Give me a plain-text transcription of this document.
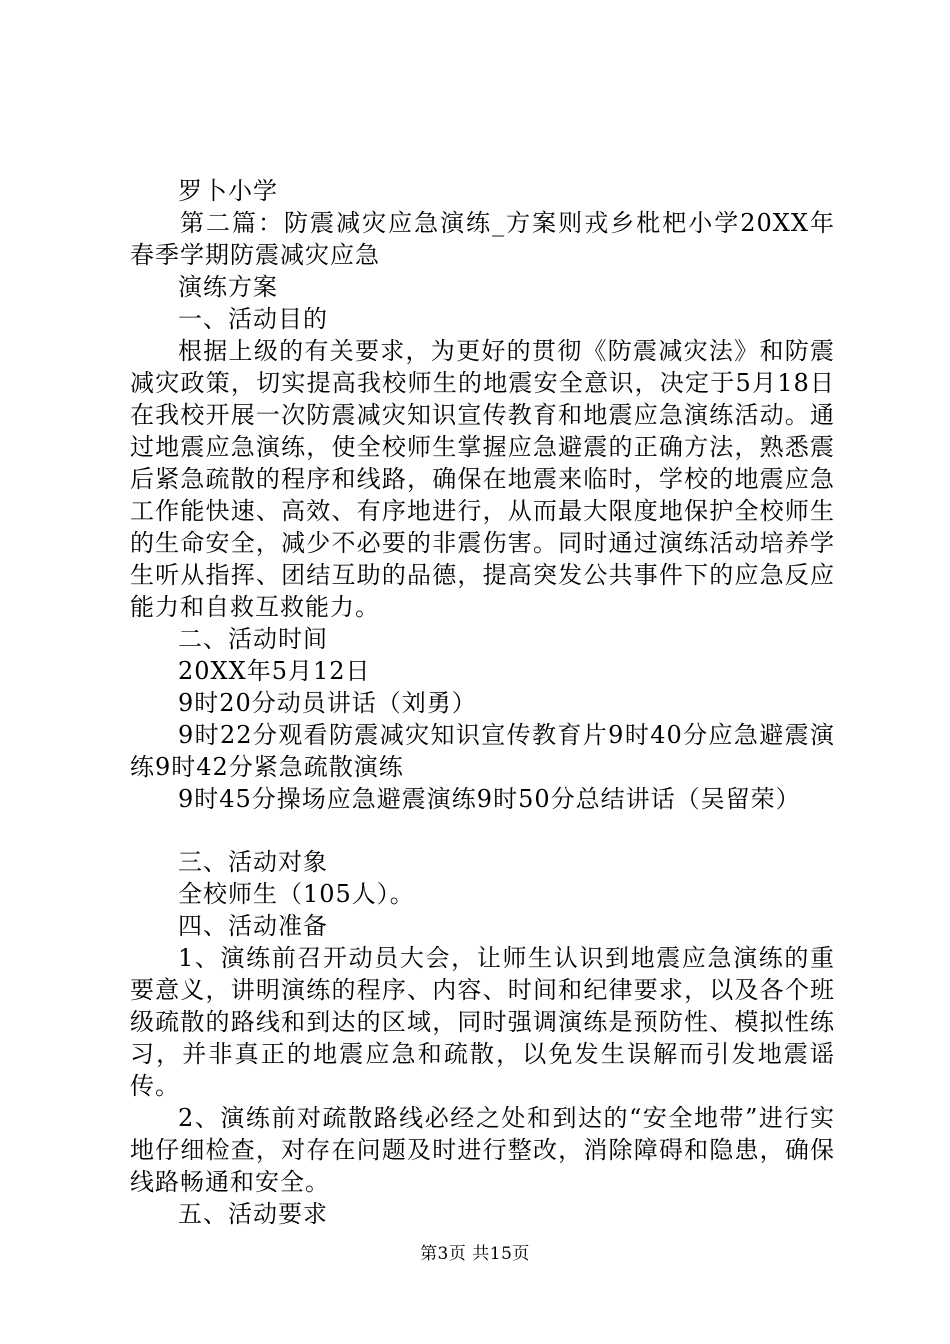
罗卜小学

第二篇：防震减灾应急演练_方案则戎乡枇杷小学20XX年春季学期防震减灾应急

演练方案

一、活动目的

根据上级的有关要求，为更好的贯彻《防震减灾法》和防震减灾政策，切实提高我校师生的地震安全意识，决定于5月18日在我校开展一次防震减灾知识宣传教育和地震应急演练活动。通过地震应急演练，使全校师生掌握应急避震的正确方法，熟悉震后紧急疏散的程序和线路，确保在地震来临时，学校的地震应急工作能快速、高效、有序地进行，从而最大限度地保护全校师生的生命安全，减少不必要的非震伤害。同时通过演练活动培养学生听从指挥、团结互助的品德，提高突发公共事件下的应急反应能力和自救互救能力。

二、活动时间

20XX年5月12日

9时20分动员讲话（刘勇）

9时22分观看防震减灾知识宣传教育片9时40分应急避震演练9时42分紧急疏散演练

9时45分操场应急避震演练9时50分总结讲话（吴留荣）

三、活动对象

全校师生（105人）。

四、活动准备

1、演练前召开动员大会，让师生认识到地震应急演练的重要意义，讲明演练的程序、内容、时间和纪律要求，以及各个班级疏散的路线和到达的区域，同时强调演练是预防性、模拟性练习，并非真正的地震应急和疏散，以免发生误解而引发地震谣传。

2、演练前对疏散路线必经之处和到达的“安全地带”进行实地仔细检查，对存在问题及时进行整改，消除障碍和隐患，确保线路畅通和安全。

五、活动要求

第3页 共15页
